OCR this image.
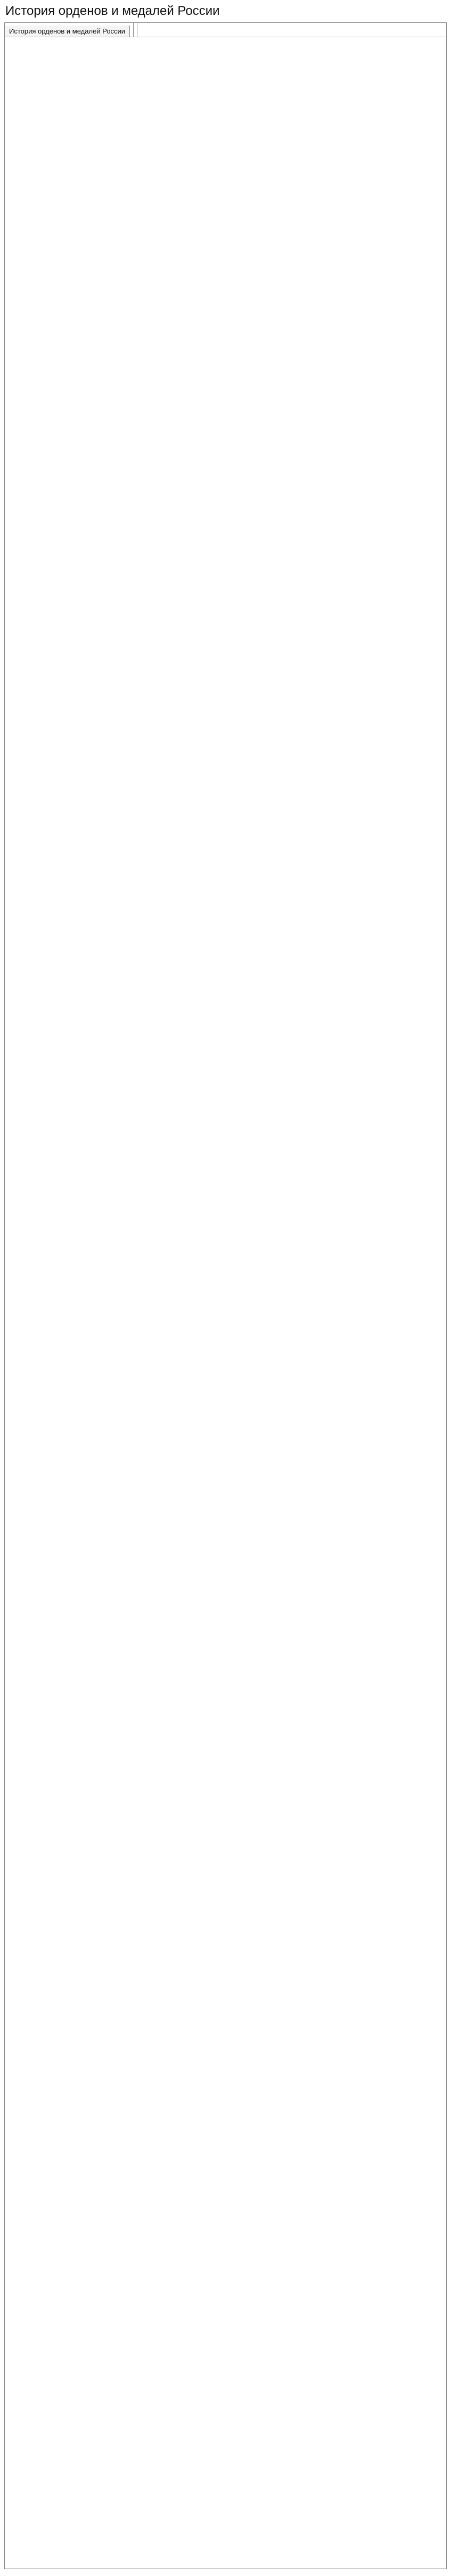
История орденов и медалей России
История орденов и медалей России
